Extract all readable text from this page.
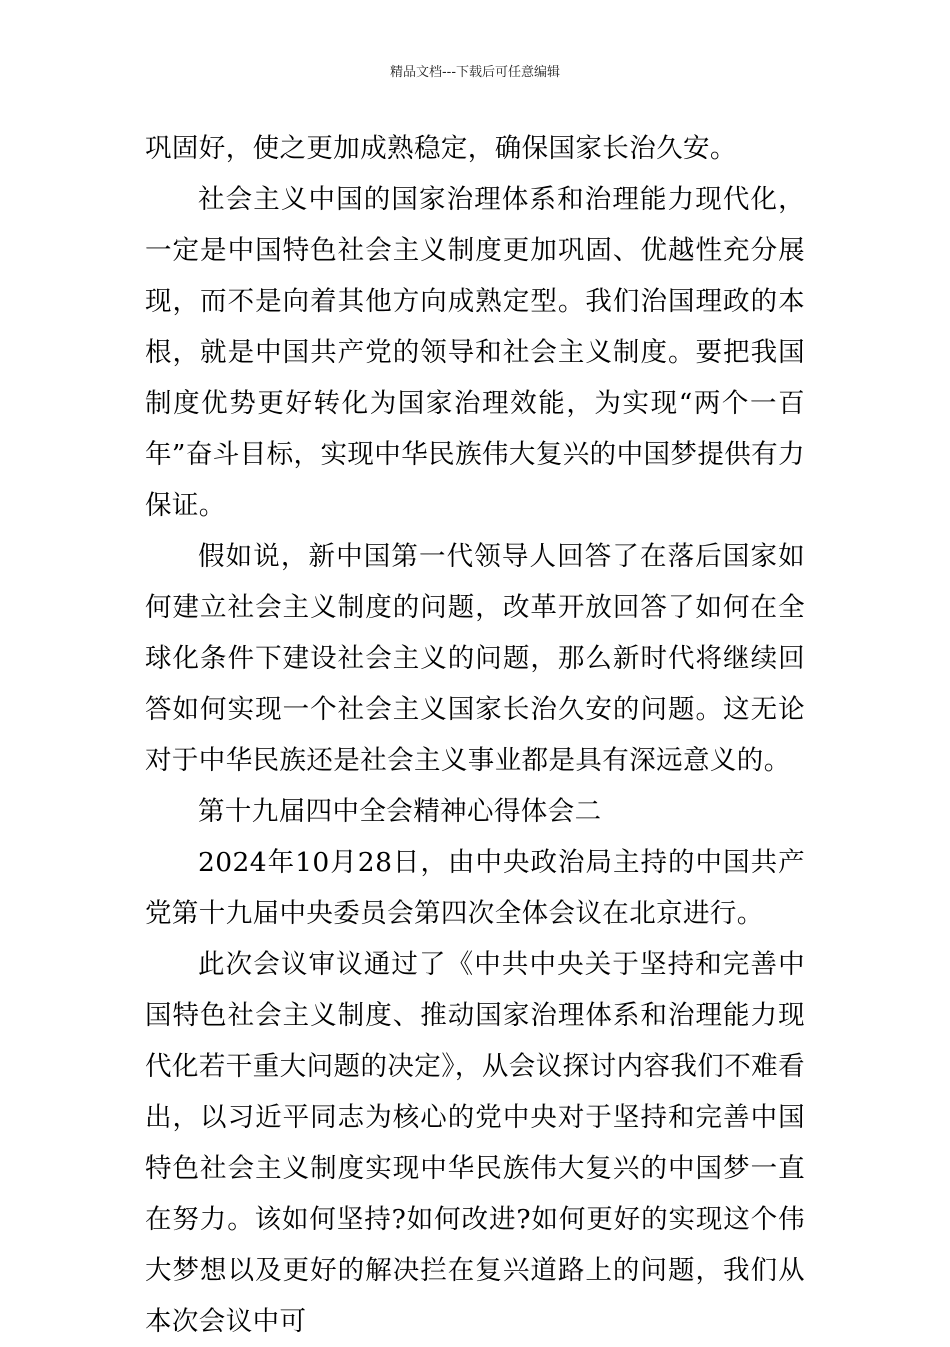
精品文档---下载后可任意编辑

巩固好，使之更加成熟稳定，确保国家长治久安。

社会主义中国的国家治理体系和治理能力现代化，一定是中国特色社会主义制度更加巩固、优越性充分展现，而不是向着其他方向成熟定型。我们治国理政的本根，就是中国共产党的领导和社会主义制度。要把我国制度优势更好转化为国家治理效能，为实现“两个一百年”奋斗目标，实现中华民族伟大复兴的中国梦提供有力保证。

假如说，新中国第一代领导人回答了在落后国家如何建立社会主义制度的问题，改革开放回答了如何在全球化条件下建设社会主义的问题，那么新时代将继续回答如何实现一个社会主义国家长治久安的问题。这无论对于中华民族还是社会主义事业都是具有深远意义的。

第十九届四中全会精神心得体会二

2024年10月28日，由中央政治局主持的中国共产党第十九届中央委员会第四次全体会议在北京进行。

此次会议审议通过了《中共中央关于坚持和完善中国特色社会主义制度、推动国家治理体系和治理能力现代化若干重大问题的决定》，从会议探讨内容我们不难看出，以习近平同志为核心的党中央对于坚持和完善中国特色社会主义制度实现中华民族伟大复兴的中国梦一直在努力。该如何坚持?如何改进?如何更好的实现这个伟大梦想以及更好的解决拦在复兴道路上的问题，我们从本次会议中可
